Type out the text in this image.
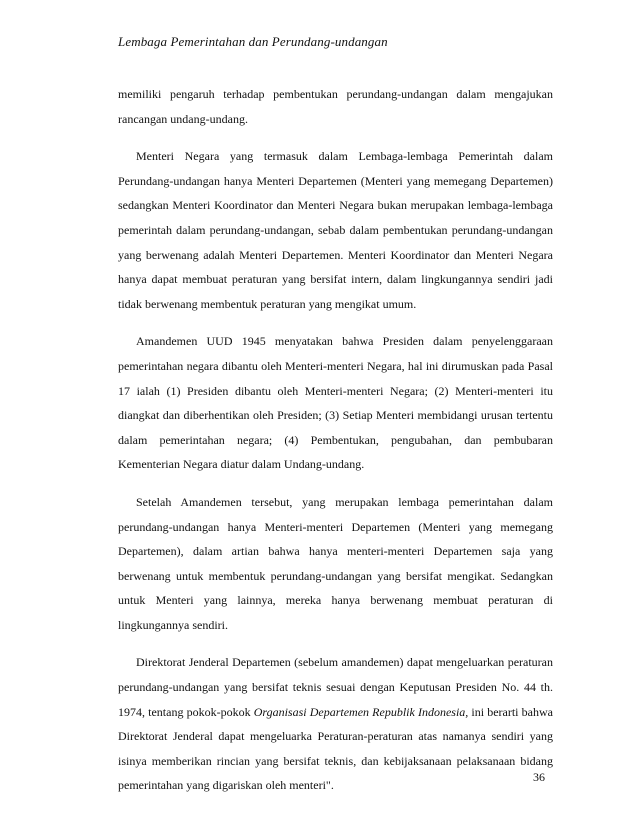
Lembaga Pemerintahan dan Perundang-undangan

memiliki pengaruh terhadap pembentukan perundang-undangan dalam mengajukan rancangan undang-undang.

Menteri Negara yang termasuk dalam Lembaga-lembaga Pemerintah dalam Perundang-undangan hanya Menteri Departemen (Menteri yang memegang Departemen) sedangkan Menteri Koordinator dan Menteri Negara bukan merupakan lembaga-lembaga pemerintah dalam perundang-undangan, sebab dalam pembentukan perundang-undangan yang berwenang adalah Menteri Departemen. Menteri Koordinator dan Menteri Negara hanya dapat membuat peraturan yang bersifat intern, dalam lingkungannya sendiri jadi tidak berwenang membentuk peraturan yang mengikat umum.

Amandemen UUD 1945 menyatakan bahwa Presiden dalam penyelenggaraan pemerintahan negara dibantu oleh Menteri-menteri Negara, hal ini dirumuskan pada Pasal 17 ialah (1) Presiden dibantu oleh Menteri-menteri Negara; (2) Menteri-menteri itu diangkat dan diberhentikan oleh Presiden; (3) Setiap Menteri membidangi urusan tertentu dalam pemerintahan negara; (4) Pembentukan, pengubahan, dan pembubaran Kementerian Negara diatur dalam Undang-undang.

Setelah Amandemen tersebut, yang merupakan lembaga pemerintahan dalam perundang-undangan hanya Menteri-menteri Departemen (Menteri yang memegang Departemen), dalam artian bahwa hanya menteri-menteri Departemen saja yang berwenang untuk membentuk perundang-undangan yang bersifat mengikat. Sedangkan untuk Menteri yang lainnya, mereka hanya berwenang membuat peraturan di lingkungannya sendiri.

Direktorat Jenderal Departemen (sebelum amandemen) dapat mengeluarkan peraturan perundang-undangan yang bersifat teknis sesuai dengan Keputusan Presiden No. 44 th. 1974, tentang pokok-pokok Organisasi Departemen Republik Indonesia, ini berarti bahwa Direktorat Jenderal dapat mengeluarka Peraturan-peraturan atas namanya sendiri yang isinya memberikan rincian yang bersifat teknis, dan kebijaksanaan pelaksanaan bidang pemerintahan yang digariskan oleh menteri".

36
